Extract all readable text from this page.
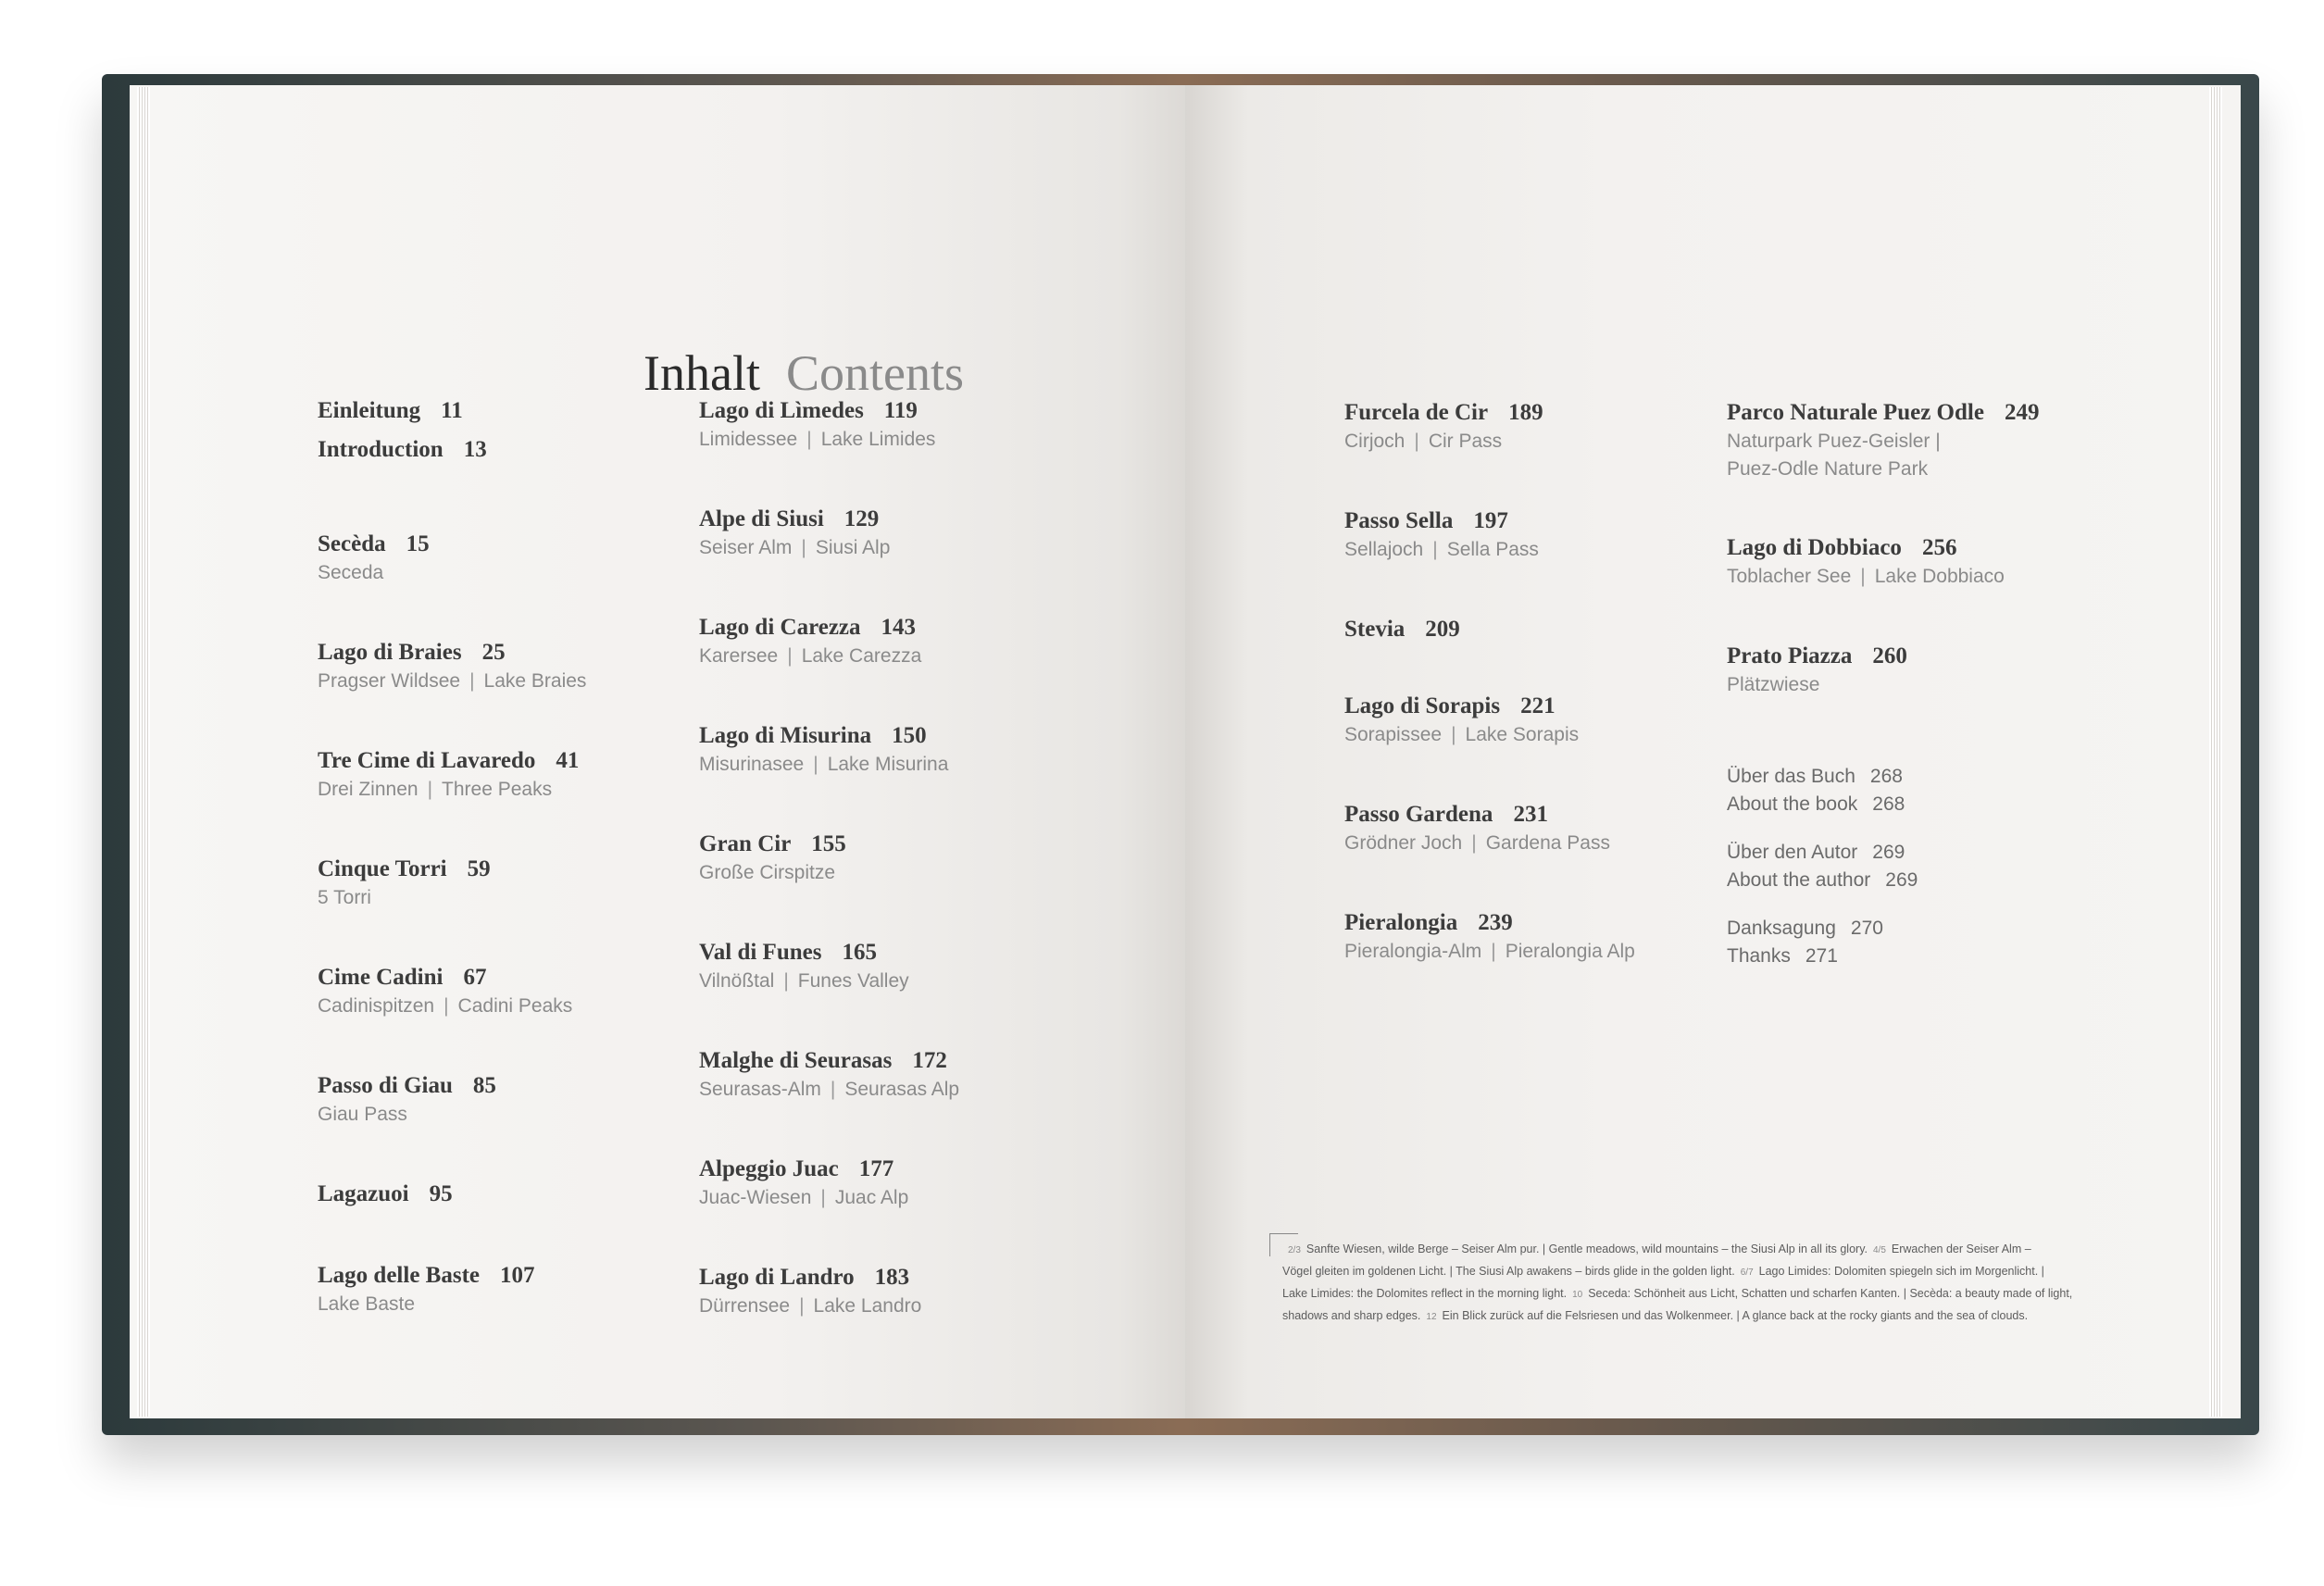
Inhalt Contents
Einleitung 11
Introduction 13
Secèda 15
Seceda
Lago di Braies 25
Pragser Wildsee | Lake Braies
Tre Cime di Lavaredo 41
Drei Zinnen | Three Peaks
Cinque Torri 59
5 Torri
Cime Cadini 67
Cadinispitzen | Cadini Peaks
Passo di Giau 85
Giau Pass
Lagazuoi 95
Lago delle Baste 107
Lake Baste
Lago di Lìmedes 119
Limidessee | Lake Limides
Alpe di Siusi 129
Seiser Alm | Siusi Alp
Lago di Carezza 143
Karersee | Lake Carezza
Lago di Misurina 150
Misurinasee | Lake Misurina
Gran Cir 155
Große Cirspitze
Val di Funes 165
Vilnößtal | Funes Valley
Malghe di Seurasas 172
Seurasas-Alm | Seurasas Alp
Alpeggio Juac 177
Juac-Wiesen | Juac Alp
Lago di Landro 183
Dürrensee | Lake Landro
Furcela de Cir 189
Cirjoch | Cir Pass
Passo Sella 197
Sellajoch | Sella Pass
Stevia 209
Lago di Sorapis 221
Sorapissee | Lake Sorapis
Passo Gardena 231
Grödner Joch | Gardena Pass
Pieralongia 239
Pieralongia-Alm | Pieralongia Alp
Parco Naturale Puez Odle 249
Naturpark Puez-Geisler |
Puez-Odle Nature Park
Lago di Dobbiaco 256
Toblacher See | Lake Dobbiaco
Prato Piazza 260
Plätzwiese
Über das Buch 268
About the book 268
Über den Autor 269
About the author 269
Danksagung 270
Thanks 271
2/3 Sanfte Wiesen, wilde Berge – Seiser Alm pur. | Gentle meadows, wild mountains – the Siusi Alp in all its glory. 4/5 Erwachen der Seiser Alm –
Vögel gleiten im goldenen Licht. | The Siusi Alp awakens – birds glide in the golden light. 6/7 Lago Limides: Dolomiten spiegeln sich im Morgenlicht. |
Lake Limides: the Dolomites reflect in the morning light. 10 Seceda: Schönheit aus Licht, Schatten und scharfen Kanten. | Secèda: a beauty made of light,
shadows and sharp edges. 12 Ein Blick zurück auf die Felsriesen und das Wolkenmeer. | A glance back at the rocky giants and the sea of clouds.
